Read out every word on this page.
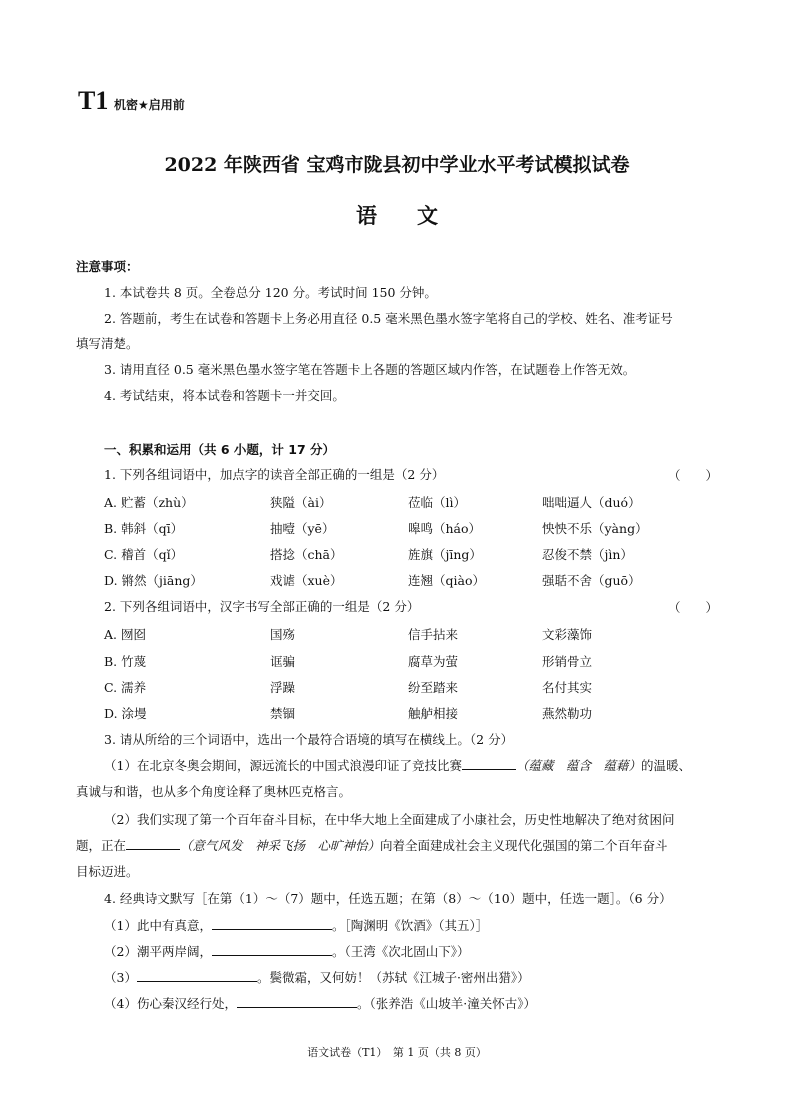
T1 机密★启用前
2022 年陕西省 宝鸡市陇县初中学业水平考试模拟试卷
语文
注意事项：
1. 本试卷共 8 页。全卷总分 120 分。考试时间 150 分钟。
2. 答题前，考生在试卷和答题卡上务必用直径 0.5 毫米黑色墨水签字笔将自己的学校、姓名、准考证号
填写清楚。
3. 请用直径 0.5 毫米黑色墨水签字笔在答题卡上各题的答题区域内作答，在试题卷上作答无效。
4. 考试结束，将本试卷和答题卡一并交回。
一、积累和运用（共 6 小题，计 17 分）
1. 下列各组词语中，加点字的读音全部正确的一组是（2 分）	（　　）
A. 贮蓄（zhù）	狭隘（ài）	莅临（lì）	咄咄逼人（duó）
B. 韩斜（qī）	抽噎（yē）	嗥鸣（háo）	怏怏不乐（yàng）
C. 稽首（qǐ）	搭捻（chā）	旌旗（jīng）	忍俊不禁（jìn）
D. 锵然（jiāng）	戏谑（xuè）	连翘（qiào）	强聒不舍（guō）
2. 下列各组词语中，汉字书写全部正确的一组是（2 分）	（　　）
A. 囫囵	国殇	信手拈来	文彩藻饰
B. 竹蔑	诓骗	腐草为萤	形销骨立
C. 濡养	浮躁	纷至踏来	名付其实
D. 涂墁	禁锢	触舻相接	燕然勒功
3. 请从所给的三个词语中，选出一个最符合语境的填写在横线上。（2 分）
（1）在北京冬奥会期间，源远流长的中国式浪漫印证了竞技比赛	（蕴藏　蕴含　蕴藉）的温暖、
真诚与和谐，也从多个角度诠释了奥林匹克格言。
（2）我们实现了第一个百年奋斗目标，在中华大地上全面建成了小康社会，历史性地解决了绝对贫困问
题，正在	（意气风发　神采飞扬　心旷神怡）向着全面建成社会主义现代化强国的第二个百年奋斗
目标迈进。
4. 经典诗文默写［在第（1）～（7）题中，任选五题；在第（8）～（10）题中，任选一题］。（6 分）
（1）此中有真意，	。［陶渊明《饮酒》（其五）］
（2）潮平两岸阔，	。（王湾《次北固山下》）
（3）	。鬓微霜，又何妨！（苏轼《江城子·密州出猎》）
（4）伤心秦汉经行处，	。（张养浩《山坡羊·潼关怀古》）
语文试卷（T1）　第 1 页（共 8 页）
